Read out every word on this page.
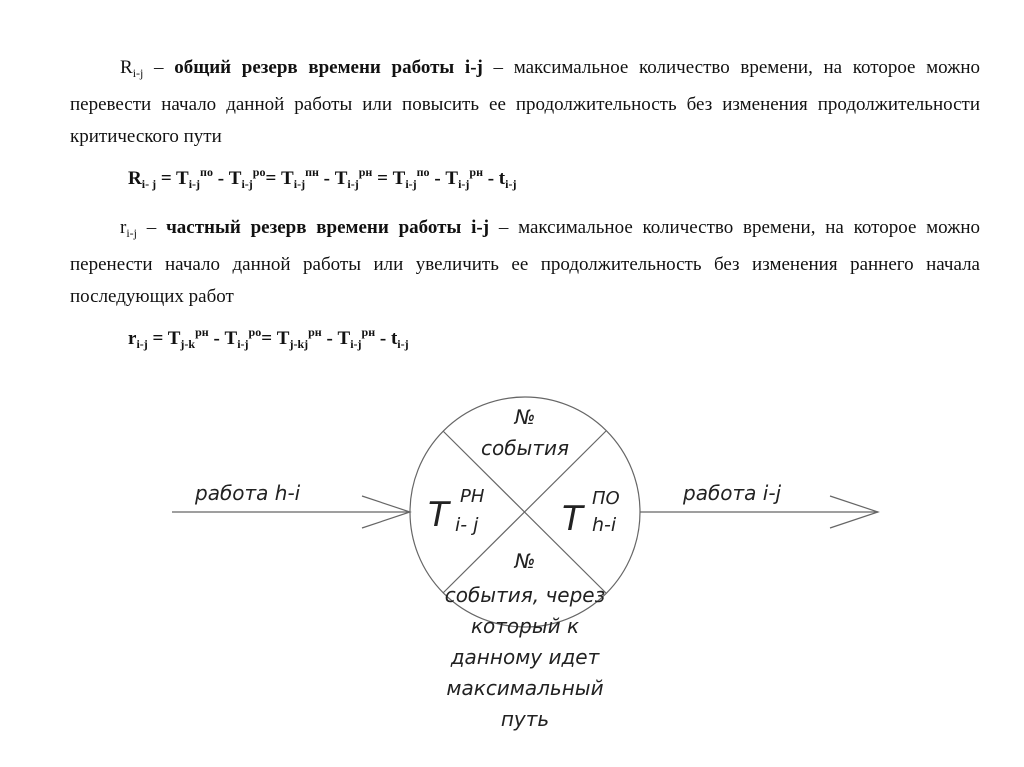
$R_{i-j}$ – общий резерв времени работы i-j – максимальное количество времени, на которое можно перевести начало данной работы или повысить ее продолжительность без изменения продолжительности критического пути
$R_{i- j} = T_{i-j}^{по} - T_{i-j}^{ро}= T_{i-j}^{пн} - T_{i-j}^{рн} = T_{i-j}^{по} - T_{i-j}^{рн} - t_{i-j}$
$r_{i-j}$ – частный резерв времени работы i-j – максимальное количество времени, на которое можно перенести начало данной работы или увеличить ее продолжительность без изменения раннего начала последующих работ
$r_{i-j} = T_{j-k}^{рн} - T_{i-j}^{ро}= T_{j-kj}^{рн} - T_{i-j}^{рн} - t_{i-j}$
работа h-i	работа i-j
№
события
T РН
i- j T
ПО
h-i
№
события, через
который к
данному идет
максимальный
путь
